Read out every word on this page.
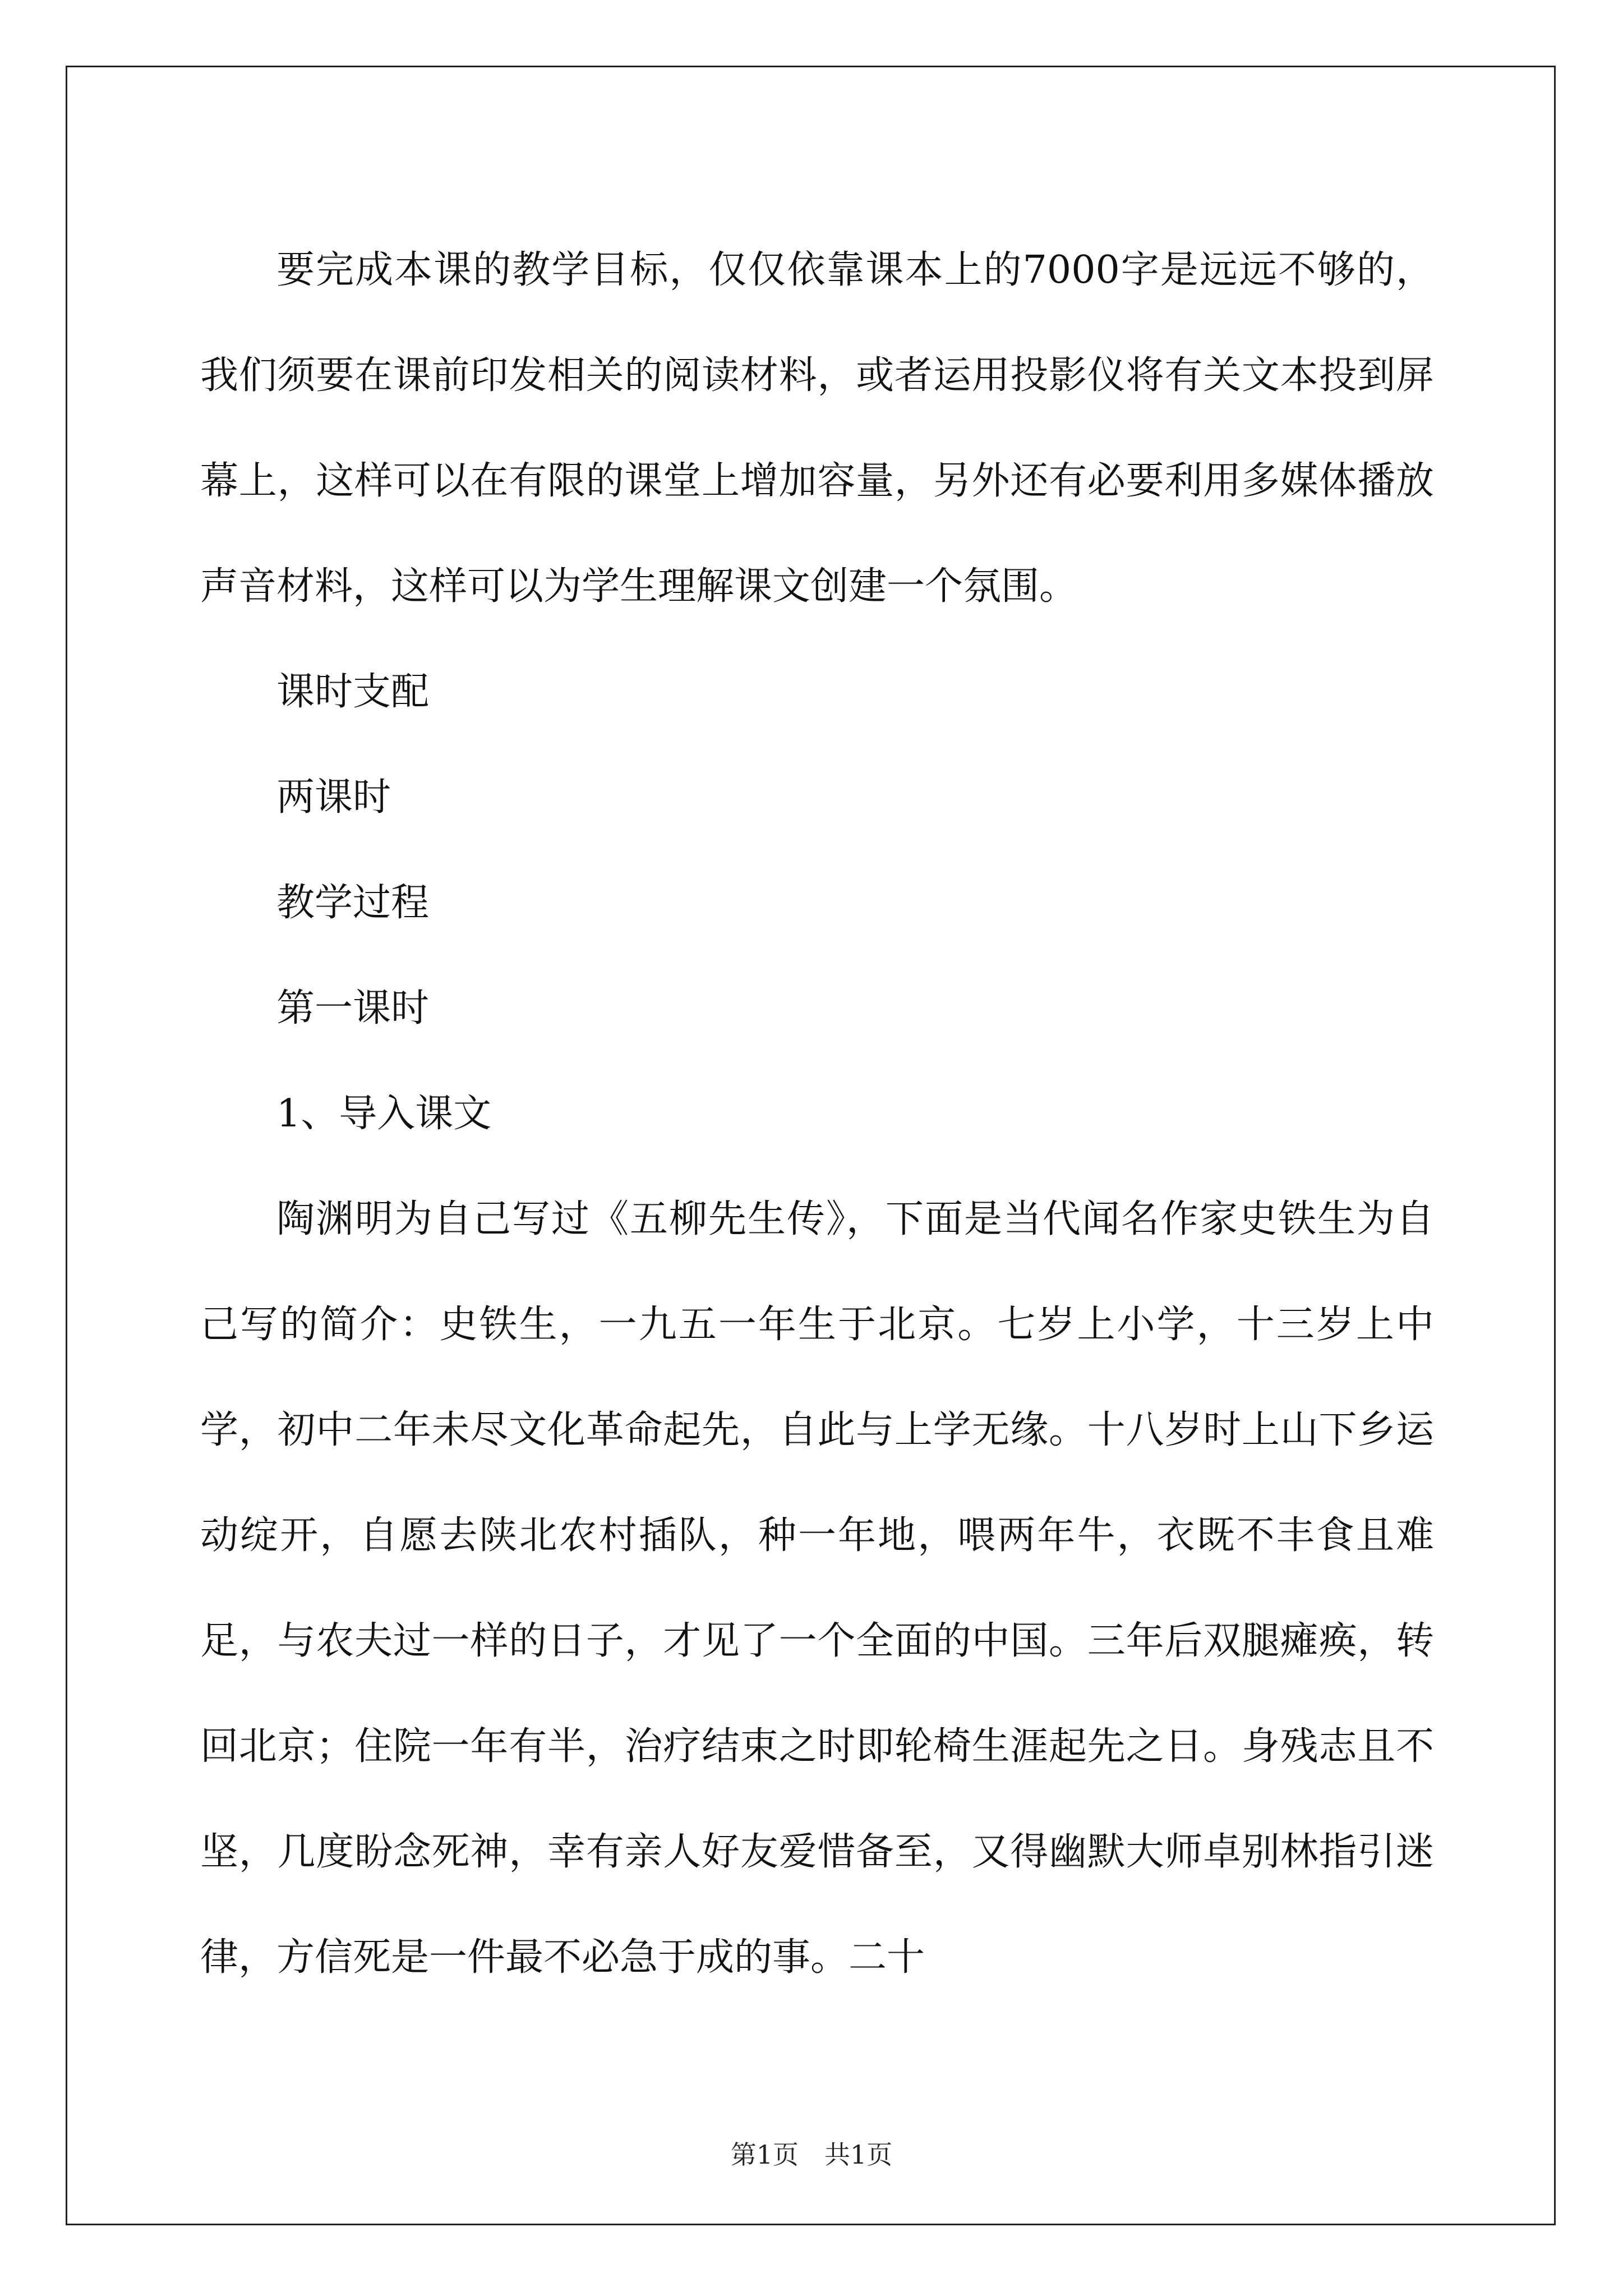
要完成本课的教学目标，仅仅依靠课本上的7000字是远远不够的，我们须要在课前印发相关的阅读材料，或者运用投影仪将有关文本投到屏幕上，这样可以在有限的课堂上增加容量，另外还有必要利用多媒体播放声音材料，这样可以为学生理解课文创建一个氛围。

课时支配

两课时

教学过程

第一课时

1、导入课文

陶渊明为自己写过《五柳先生传》，下面是当代闻名作家史铁生为自己写的简介：史铁生，一九五一年生于北京。七岁上小学，十三岁上中学，初中二年未尽文化革命起先，自此与上学无缘。十八岁时上山下乡运动绽开，自愿去陕北农村插队，种一年地，喂两年牛，衣既不丰食且难足，与农夫过一样的日子，才见了一个全面的中国。三年后双腿瘫痪，转回北京；住院一年有半，治疗结束之时即轮椅生涯起先之日。身残志且不坚，几度盼念死神，幸有亲人好友爱惜备至，又得幽默大师卓别林指引迷律，方信死是一件最不必急于成的事。二十

第1页　共1页
